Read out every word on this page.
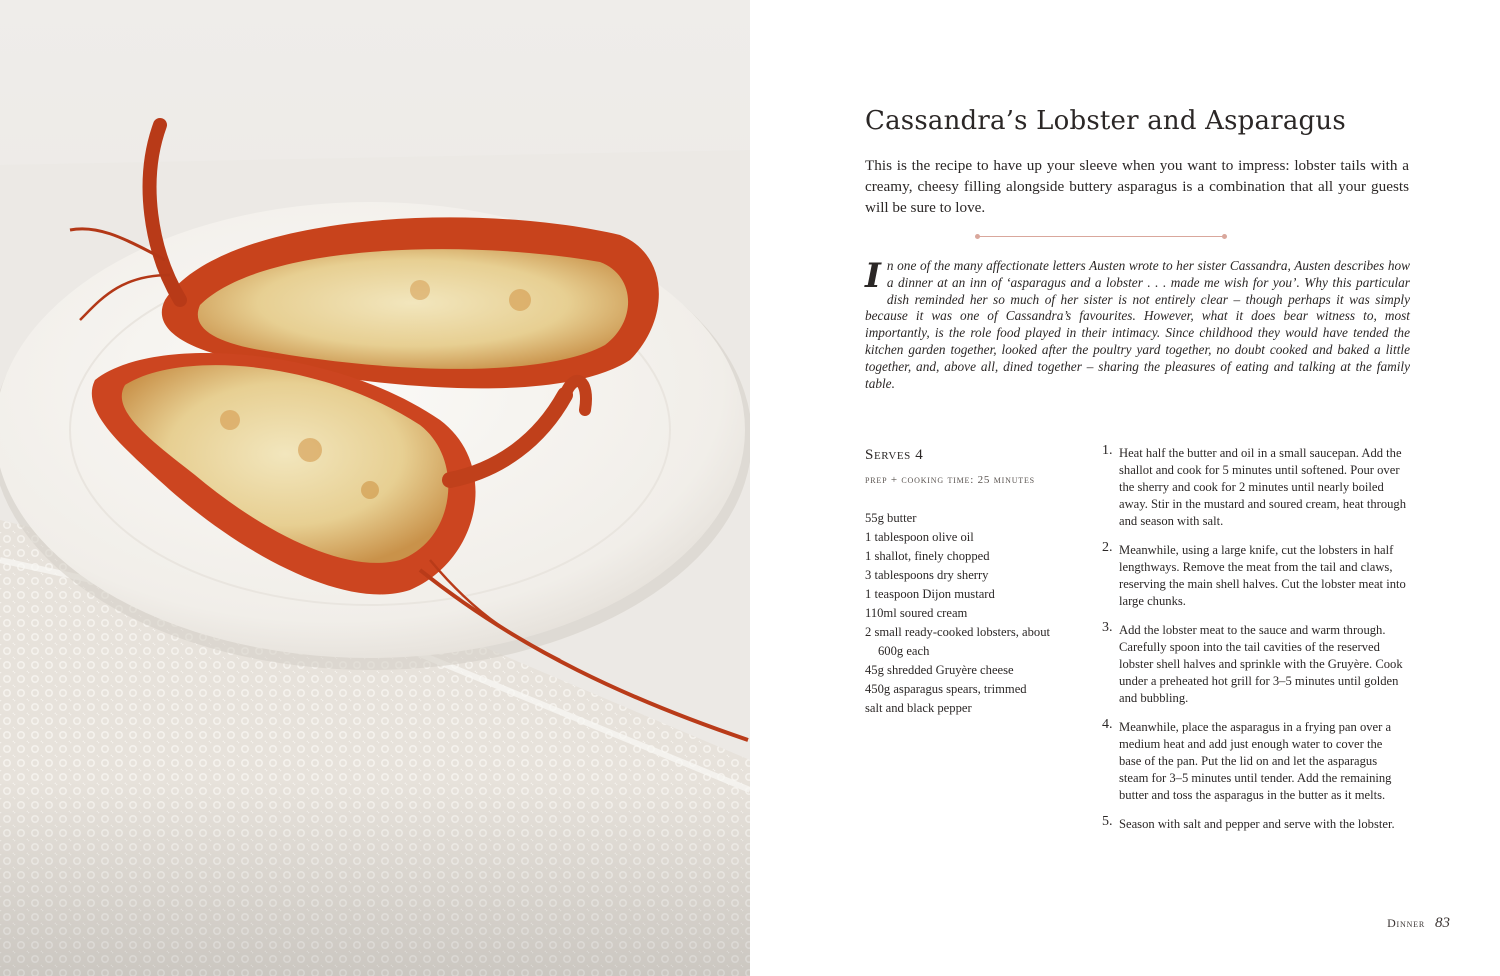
Cassandra’s Lobster and Asparagus

This is the recipe to have up your sleeve when you want to impress: lobster tails with a creamy, cheesy filling alongside buttery asparagus is a combination that all your guests will be sure to love.

In one of the many affectionate letters Austen wrote to her sister Cassandra, Austen describes how a dinner at an inn of ‘asparagus and a lobster . . . made me wish for you’. Why this particular dish reminded her so much of her sister is not entirely clear – though perhaps it was simply because it was one of Cassandra’s favourites. However, what it does bear witness to, most importantly, is the role food played in their intimacy. Since childhood they would have tended the kitchen garden together, looked after the poultry yard together, no doubt cooked and baked a little together, and, above all, dined together – sharing the pleasures of eating and talking at the family table.

Serves 4

prep + cooking time: 25 minutes

55g butter
1 tablespoon olive oil
1 shallot, finely chopped
3 tablespoons dry sherry
1 teaspoon Dijon mustard
110ml soured cream
2 small ready-cooked lobsters, about 600g each
45g shredded Gruyère cheese
450g asparagus spears, trimmed
salt and black pepper
1. Heat half the butter and oil in a small saucepan. Add the shallot and cook for 5 minutes until softened. Pour over the sherry and cook for 2 minutes until nearly boiled away. Stir in the mustard and soured cream, heat through and season with salt.
2. Meanwhile, using a large knife, cut the lobsters in half lengthways. Remove the meat from the tail and claws, reserving the main shell halves. Cut the lobster meat into large chunks.
3. Add the lobster meat to the sauce and warm through. Carefully spoon into the tail cavities of the reserved lobster shell halves and sprinkle with the Gruyère. Cook under a preheated hot grill for 3–5 minutes until golden and bubbling.
4. Meanwhile, place the asparagus in a frying pan over a medium heat and add just enough water to cover the base of the pan. Put the lid on and let the asparagus steam for 3–5 minutes until tender. Add the remaining butter and toss the asparagus in the butter as it melts.
5. Season with salt and pepper and serve with the lobster.

Dinner 83
